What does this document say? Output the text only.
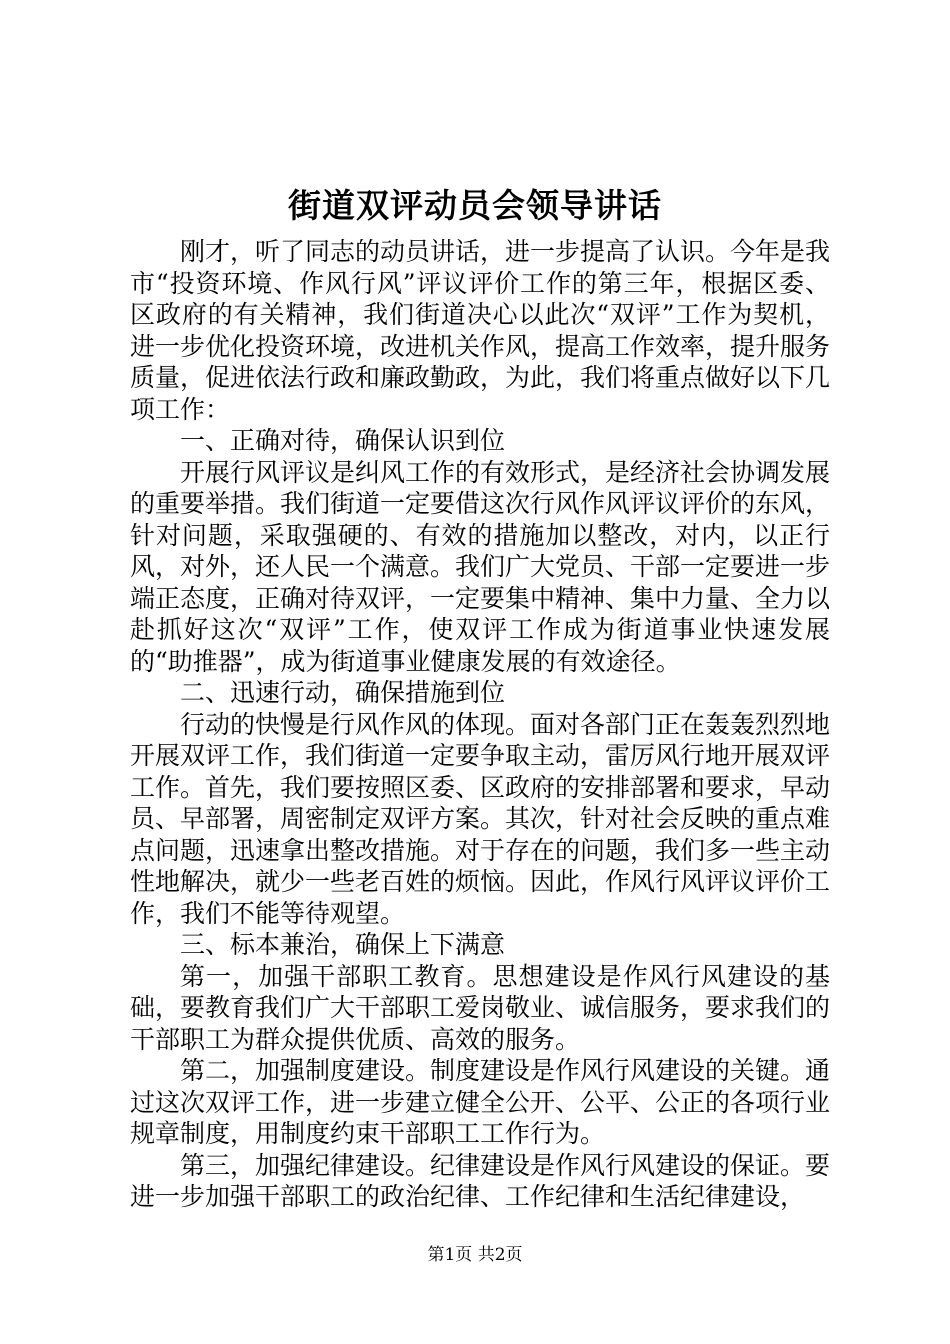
街道双评动员会领导讲话

刚才，听了同志的动员讲话，进一步提高了认识。今年是我市“投资环境、作风行风”评议评价工作的第三年，根据区委、区政府的有关精神，我们街道决心以此次“双评”工作为契机，进一步优化投资环境，改进机关作风，提高工作效率，提升服务质量，促进依法行政和廉政勤政，为此，我们将重点做好以下几项工作：

一、正确对待，确保认识到位

开展行风评议是纠风工作的有效形式，是经济社会协调发展的重要举措。我们街道一定要借这次行风作风评议评价的东风，针对问题，采取强硬的、有效的措施加以整改，对内，以正行风，对外，还人民一个满意。我们广大党员、干部一定要进一步端正态度，正确对待双评，一定要集中精神、集中力量、全力以赴抓好这次“双评”工作，使双评工作成为街道事业快速发展的“助推器”，成为街道事业健康发展的有效途径。

二、迅速行动，确保措施到位

行动的快慢是行风作风的体现。面对各部门正在轰轰烈烈地开展双评工作，我们街道一定要争取主动，雷厉风行地开展双评工作。首先，我们要按照区委、区政府的安排部署和要求，早动员、早部署，周密制定双评方案。其次，针对社会反映的重点难点问题，迅速拿出整改措施。对于存在的问题，我们多一些主动性地解决，就少一些老百姓的烦恼。因此，作风行风评议评价工作，我们不能等待观望。

三、标本兼治，确保上下满意

第一，加强干部职工教育。思想建设是作风行风建设的基础，要教育我们广大干部职工爱岗敬业、诚信服务，要求我们的干部职工为群众提供优质、高效的服务。

第二，加强制度建设。制度建设是作风行风建设的关键。通过这次双评工作，进一步建立健全公开、公平、公正的各项行业规章制度，用制度约束干部职工工作行为。

第三，加强纪律建设。纪律建设是作风行风建设的保证。要进一步加强干部职工的政治纪律、工作纪律和生活纪律建设，

第1页 共2页
